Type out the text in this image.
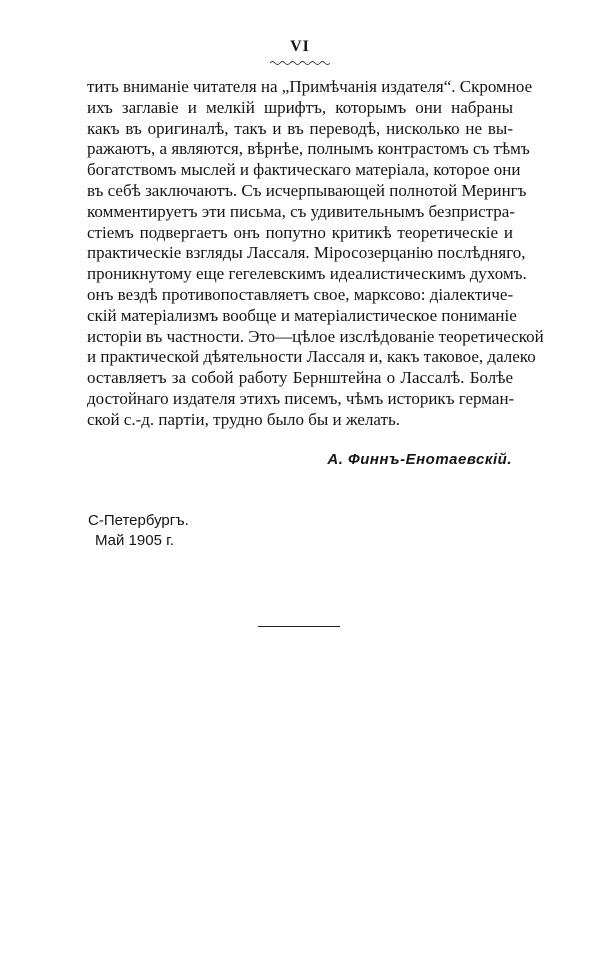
VI
тить вниманіе читателя на „Примѣчанія издателя“. Скромное
ихъ заглавіе и мелкій шрифтъ, которымъ они набраны
какъ въ оригиналѣ, такъ и въ переводѣ, нисколько не вы-
ражаютъ, а являются, вѣрнѣе, полнымъ контрастомъ съ тѣмъ
богатствомъ мыслей и фактическаго матеріала, которое они
въ себѣ заключаютъ. Съ исчерпывающей полнотой Мерингъ
комментируетъ эти письма, съ удивительнымъ безпристра-
стіемъ подвергаетъ онъ попутно критикѣ теоретическіе и
практическіе взгляды Лассаля. Міросозерцанію послѣдняго,
проникнутому еще гегелевскимъ идеалистическимъ духомъ.
онъ вездѣ противопоставляетъ свое, марксово: діалектиче-
скій матеріализмъ вообще и матеріалистическое пониманіе
исторіи въ частности. Это—цѣлое изслѣдованіе теоретической
и практической дѣятельности Лассаля и, какъ таковое, далеко
оставляетъ за собой работу Бернштейна о Лассалѣ. Болѣе
достойнаго издателя этихъ писемъ, чѣмъ историкъ герман-
ской с.-д. партіи, трудно было бы и желать.
А. Финнъ-Енотаевскій.
С-Петербургъ.
Май 1905 г.
